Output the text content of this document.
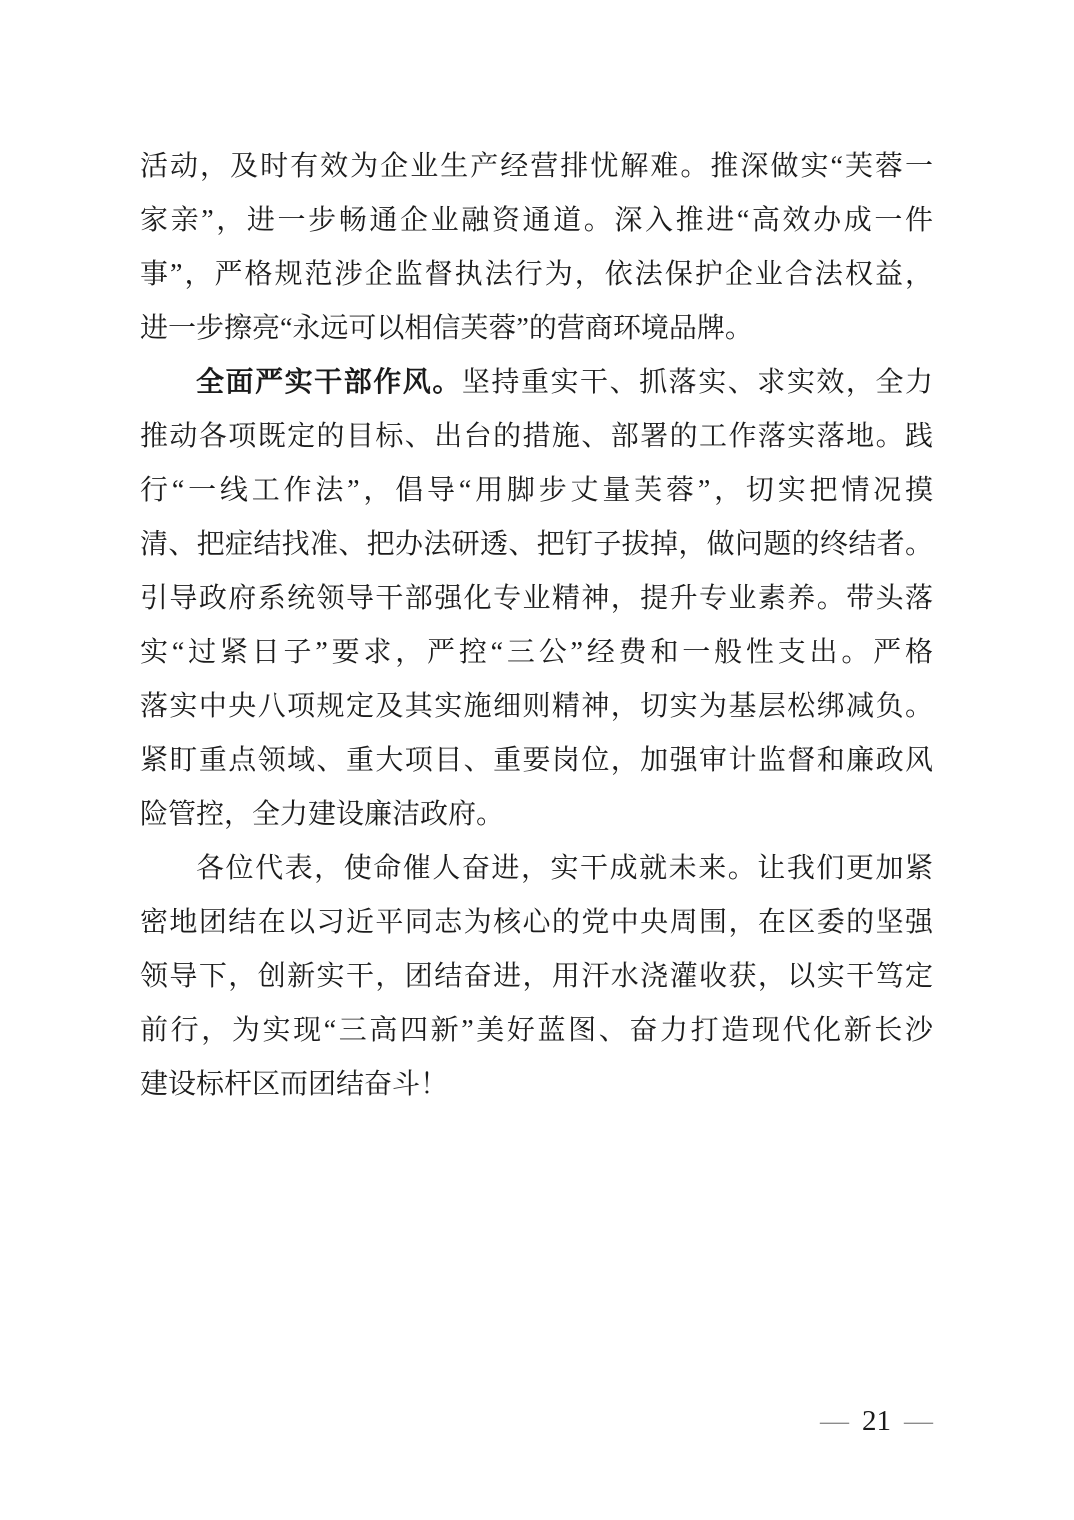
活动，及时有效为企业生产经营排忧解难。推深做实“芙蓉一
家亲”，进一步畅通企业融资通道。深入推进“高效办成一件
事”，严格规范涉企监督执法行为，依法保护企业合法权益，
进一步擦亮“永远可以相信芙蓉”的营商环境品牌。
全面严实干部作风。坚持重实干、抓落实、求实效，全力
推动各项既定的目标、出台的措施、部署的工作落实落地。践
行“一线工作法”，倡导“用脚步丈量芙蓉”，切实把情况摸
清、把症结找准、把办法研透、把钉子拔掉，做问题的终结者。
引导政府系统领导干部强化专业精神，提升专业素养。带头落
实“过紧日子”要求，严控“三公”经费和一般性支出。严格
落实中央八项规定及其实施细则精神，切实为基层松绑减负。
紧盯重点领域、重大项目、重要岗位，加强审计监督和廉政风
险管控，全力建设廉洁政府。
各位代表，使命催人奋进，实干成就未来。让我们更加紧
密地团结在以习近平同志为核心的党中央周围，在区委的坚强
领导下，创新实干，团结奋进，用汗水浇灌收获，以实干笃定
前行，为实现“三高四新”美好蓝图、奋力打造现代化新长沙
建设标杆区而团结奋斗！
— 21 —
